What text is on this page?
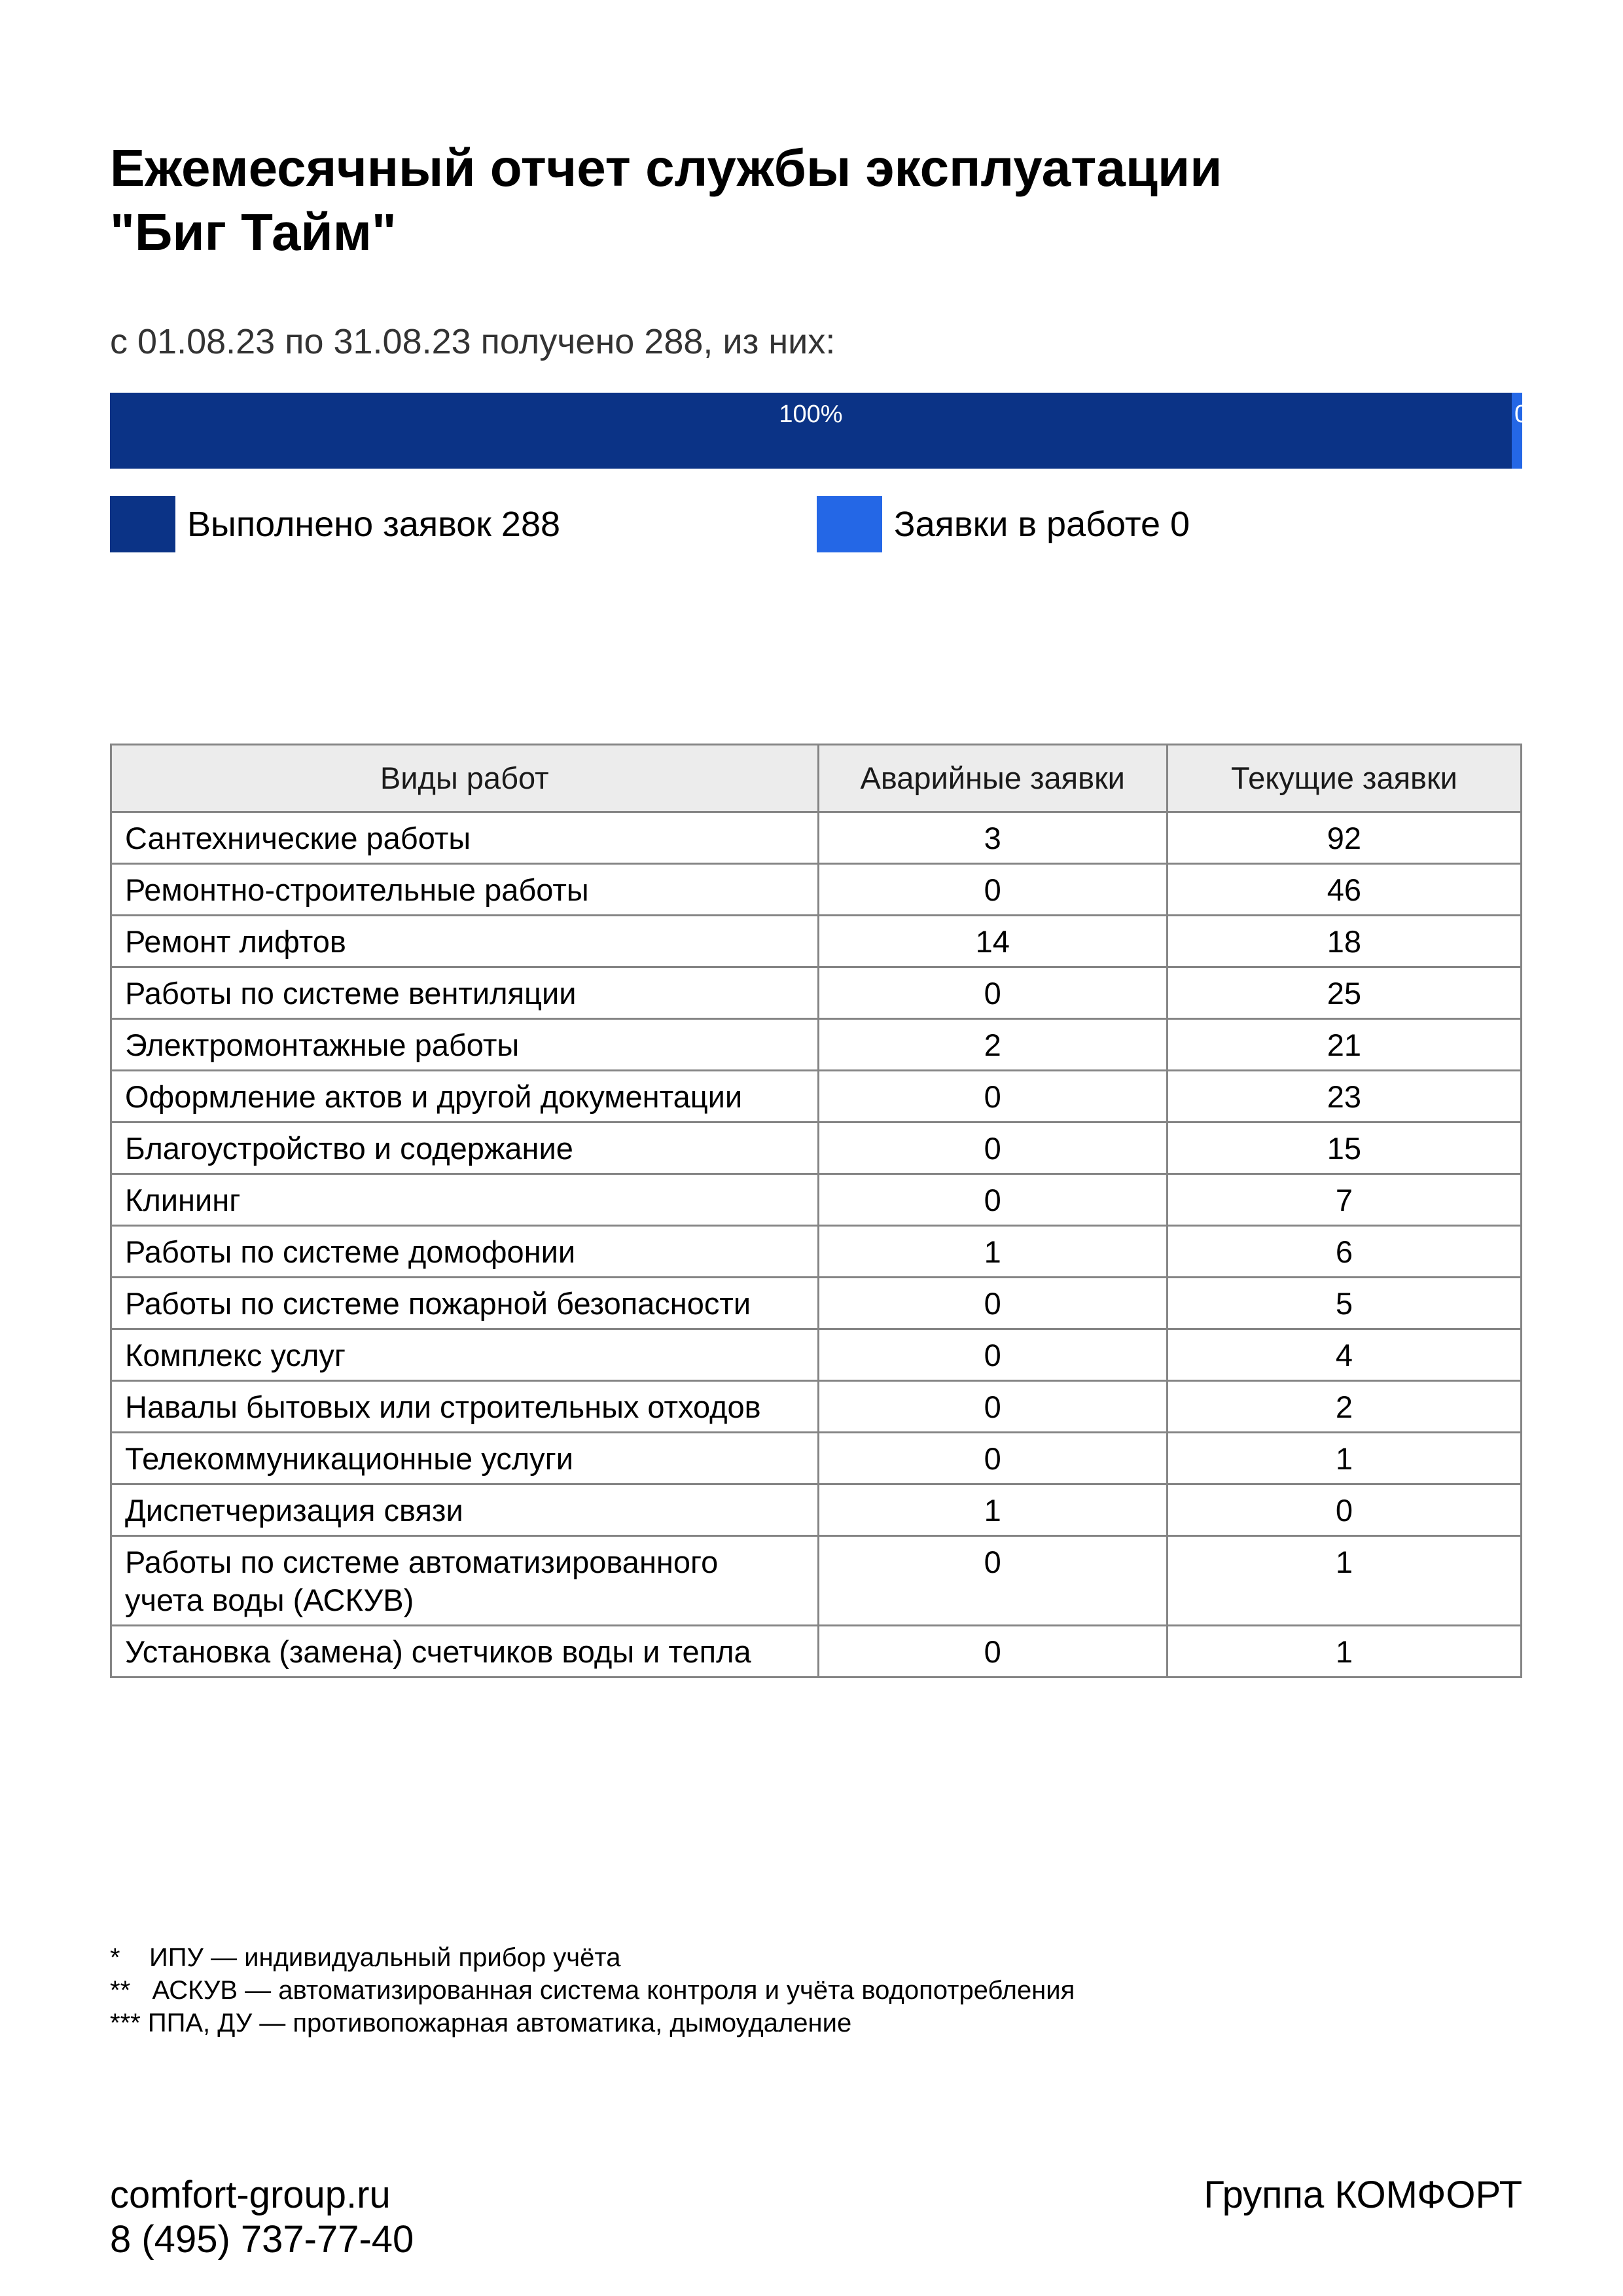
Ежемесячный отчет службы эксплуатации
"Биг Тайм"
с 01.08.23 по 31.08.23 получено 288, из них:
100%	0%
Выполнено заявок 288	Заявки в работе 0
Виды работ	Аварийные заявки	Текущие заявки
Сантехнические работы	3	92
Ремонтно-строительные работы	0	46
Ремонт лифтов	14	18
Работы по системе вентиляции	0	25
Электромонтажные работы	2	21
Оформление актов и другой документации	0	23
Благоустройство и содержание	0	15
Клининг	0	7
Работы по системе домофонии	1	6
Работы по системе пожарной безопасности	0	5
Комплекс услуг	0	4
Навалы бытовых или строительных отходов	0	2
Телекоммуникационные услуги	0	1
Диспетчеризация связи	1	0
Работы по системе автоматизированного учета воды (АСКУВ)	0	1
Установка (замена) счетчиков воды и тепла	0	1
*    ИПУ — индивидуальный прибор учёта
**   АСКУВ — автоматизированная система контроля и учёта водопотребления
*** ППА, ДУ — противопожарная автоматика, дымоудаление
comfort-group.ru
8 (495) 737-77-40
Группа КОМФОРТ
